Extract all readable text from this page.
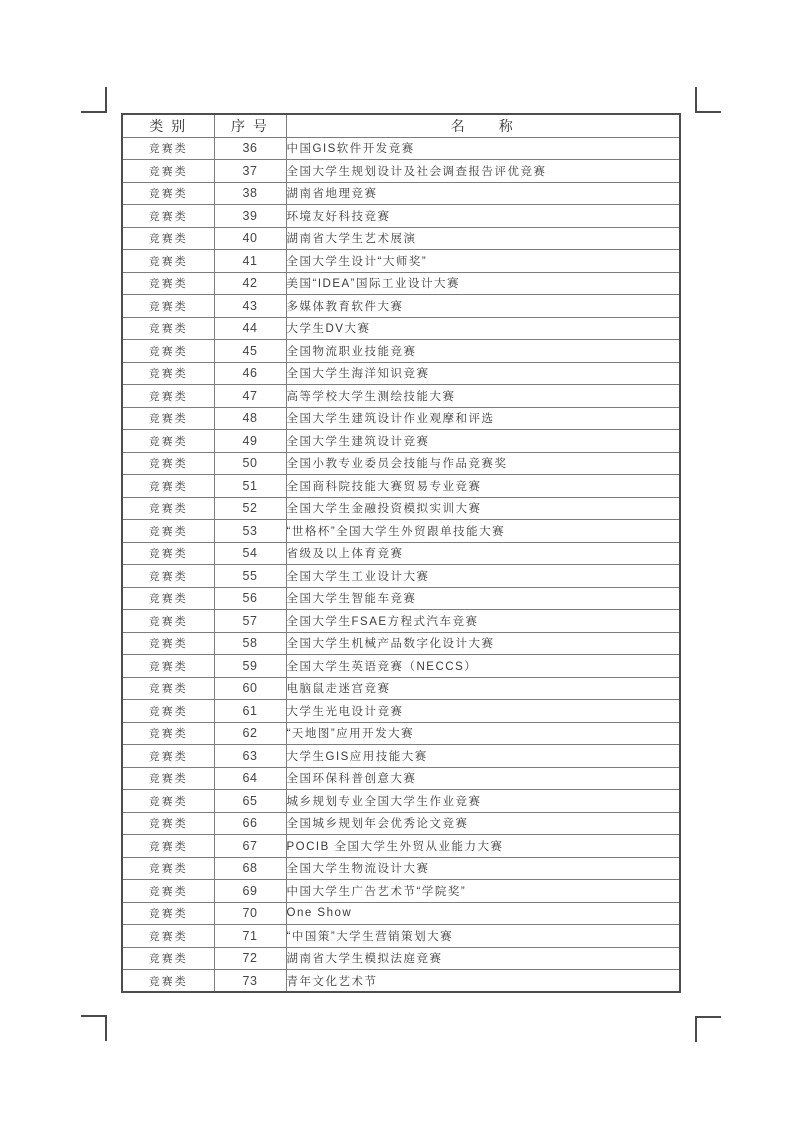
类 别	序 号	名　　称
竞赛类	36	中国GIS软件开发竞赛
竞赛类	37	全国大学生规划设计及社会调查报告评优竞赛
竞赛类	38	湖南省地理竞赛
竞赛类	39	环境友好科技竞赛
竞赛类	40	湖南省大学生艺术展演
竞赛类	41	全国大学生设计“大师奖”
竞赛类	42	美国“IDEA”国际工业设计大赛
竞赛类	43	多媒体教育软件大赛
竞赛类	44	大学生DV大赛
竞赛类	45	全国物流职业技能竞赛
竞赛类	46	全国大学生海洋知识竞赛
竞赛类	47	高等学校大学生测绘技能大赛
竞赛类	48	全国大学生建筑设计作业观摩和评选
竞赛类	49	全国大学生建筑设计竞赛
竞赛类	50	全国小教专业委员会技能与作品竞赛奖
竞赛类	51	全国商科院技能大赛贸易专业竞赛
竞赛类	52	全国大学生金融投资模拟实训大赛
竞赛类	53	“世格杯”全国大学生外贸跟单技能大赛
竞赛类	54	省级及以上体育竞赛
竞赛类	55	全国大学生工业设计大赛
竞赛类	56	全国大学生智能车竞赛
竞赛类	57	全国大学生FSAE方程式汽车竞赛
竞赛类	58	全国大学生机械产品数字化设计大赛
竞赛类	59	全国大学生英语竞赛（NECCS）
竞赛类	60	电脑鼠走迷宫竞赛
竞赛类	61	大学生光电设计竞赛
竞赛类	62	“天地图”应用开发大赛
竞赛类	63	大学生GIS应用技能大赛
竞赛类	64	全国环保科普创意大赛
竞赛类	65	城乡规划专业全国大学生作业竞赛
竞赛类	66	全国城乡规划年会优秀论文竞赛
竞赛类	67	POCIB 全国大学生外贸从业能力大赛
竞赛类	68	全国大学生物流设计大赛
竞赛类	69	中国大学生广告艺术节“学院奖”
竞赛类	70	One Show
竞赛类	71	“中国策”大学生营销策划大赛
竞赛类	72	湖南省大学生模拟法庭竞赛
竞赛类	73	青年文化艺术节
